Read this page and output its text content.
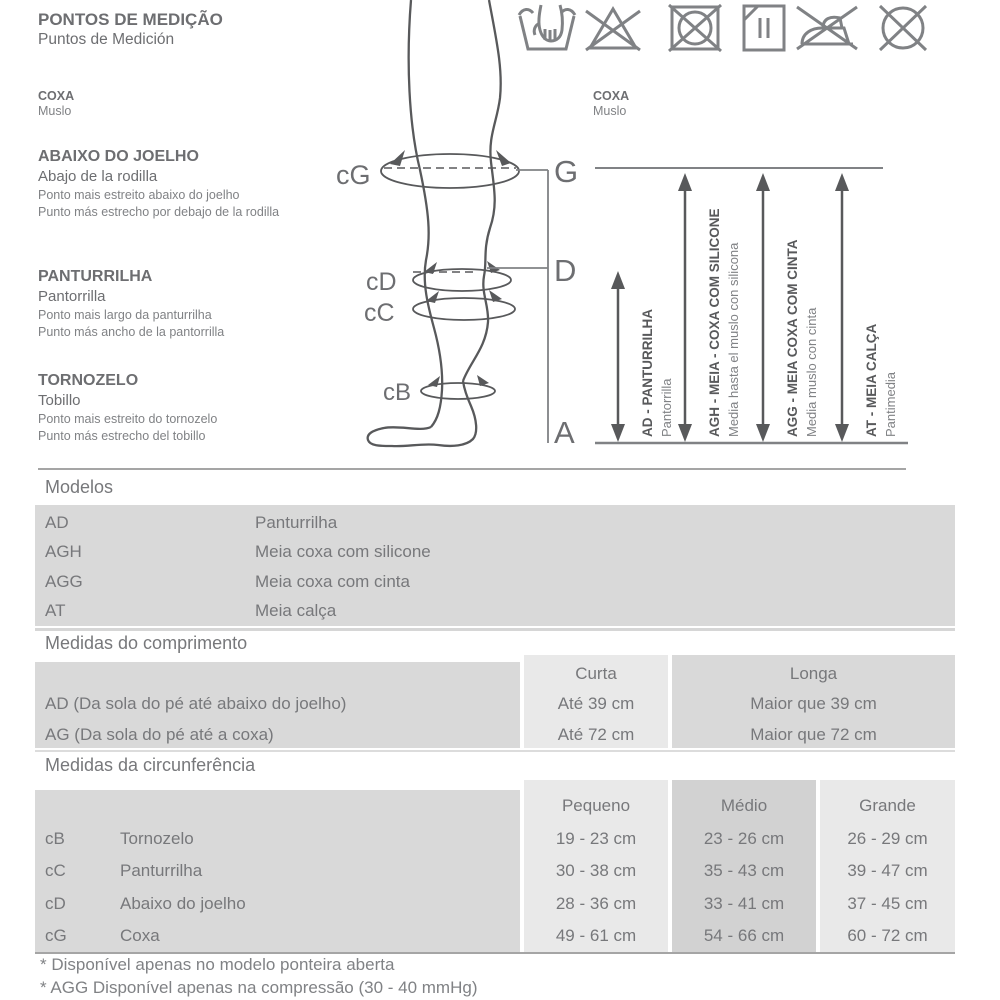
PONTOS DE MEDIÇÃO
Puntos de Medición
COXA
Muslo
ABAIXO DO JOELHO
Abajo de la rodilla
Ponto mais estreito abaixo do joelho
Punto más estrecho por debajo de la rodilla
PANTURRILHA
Pantorrilla
Ponto mais largo da panturrilha
Punto más ancho de la pantorrilla
TORNOZELO
Tobillo
Ponto mais estreito do tornozelo
Punto más estrecho del tobillo
COXA
Muslo
cG
cD
cC
cB
G
D
A	AD - PANTURRILHA Pantorrilla AGH - MEIA - COXA COM SILICONE Media hasta el muslo con silicona	AGG - MEIA COXA COM CINTA Media muslo con cinta	AT - MEIA CALÇA Pantimedia
Modelos
AD	Panturrilha
AGH	Meia coxa com silicone
AGG	Meia coxa com cinta
AT	Meia calça
Medidas do comprimento
Curta	Longa
AD (Da sola do pé até abaixo do joelho)	Até 39 cm	Maior que 39 cm
AG (Da sola do pé até a coxa)	Até 72 cm	Maior que 72 cm
Medidas da circunferência
Pequeno	Médio	Grande
cB	Tornozelo	19 - 23 cm	23 - 26 cm	26 - 29 cm
cC	Panturrilha	30 - 38 cm	35 - 43 cm	39 - 47 cm
cD	Abaixo do joelho	28 - 36 cm	33 - 41 cm	37 - 45 cm
cG	Coxa	49 - 61 cm	54 - 66 cm	60 - 72 cm
* Disponível apenas no modelo ponteira aberta
* AGG Disponível apenas na compressão (30 - 40 mmHg)
